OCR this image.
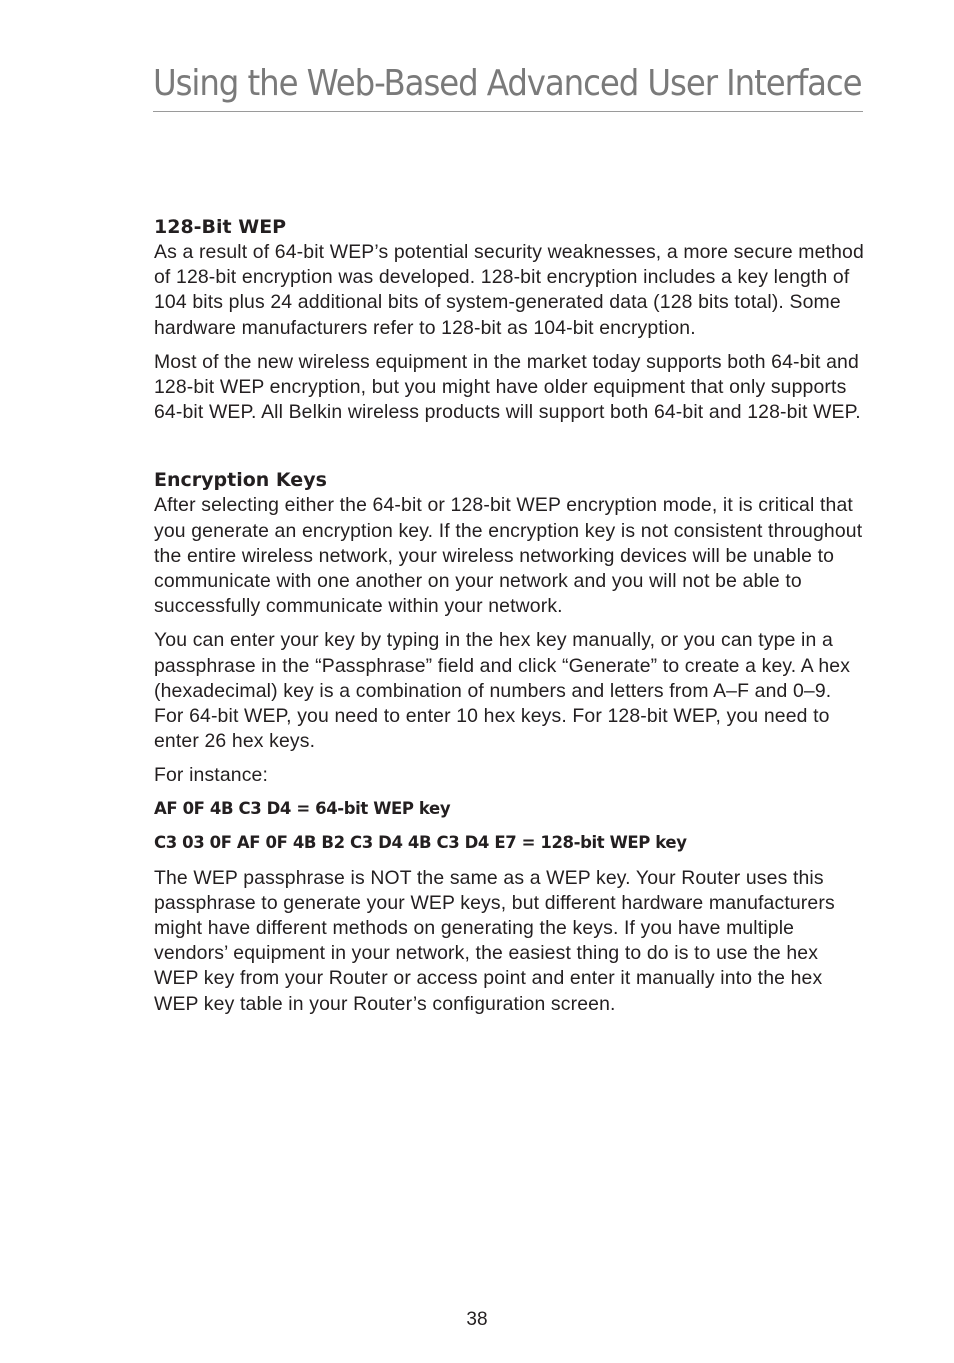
Using the Web-Based Advanced User Interface
128-Bit WEP

As a result of 64-bit WEP’s potential security weaknesses, a more secure method of 128-bit encryption was developed. 128-bit encryption includes a key length of 104 bits plus 24 additional bits of system-generated data (128 bits total). Some hardware manufacturers refer to 128-bit as 104-bit encryption.

Most of the new wireless equipment in the market today supports both 64-bit and 128-bit WEP encryption, but you might have older equipment that only supports 64-bit WEP. All Belkin wireless products will support both 64-bit and 128-bit WEP.

Encryption Keys

After selecting either the 64-bit or 128-bit WEP encryption mode, it is critical that you generate an encryption key. If the encryption key is not consistent throughout the entire wireless network, your wireless networking devices will be unable to communicate with one another on your network and you will not be able to successfully communicate within your network.

You can enter your key by typing in the hex key manually, or you can type in a passphrase in the “Passphrase” field and click “Generate” to create a key. A hex (hexadecimal) key is a combination of numbers and letters from A–F and 0–9. For 64-bit WEP, you need to enter 10 hex keys. For 128-bit WEP, you need to enter 26 hex keys.

For instance:

AF 0F 4B C3 D4 = 64-bit WEP key
C3 03 0F AF 0F 4B B2 C3 D4 4B C3 D4 E7 = 128-bit WEP key

The WEP passphrase is NOT the same as a WEP key. Your Router uses this passphrase to generate your WEP keys, but different hardware manufacturers might have different methods on generating the keys. If you have multiple vendors’ equipment in your network, the easiest thing to do is to use the hex WEP key from your Router or access point and enter it manually into the hex WEP key table in your Router’s configuration screen.

38
